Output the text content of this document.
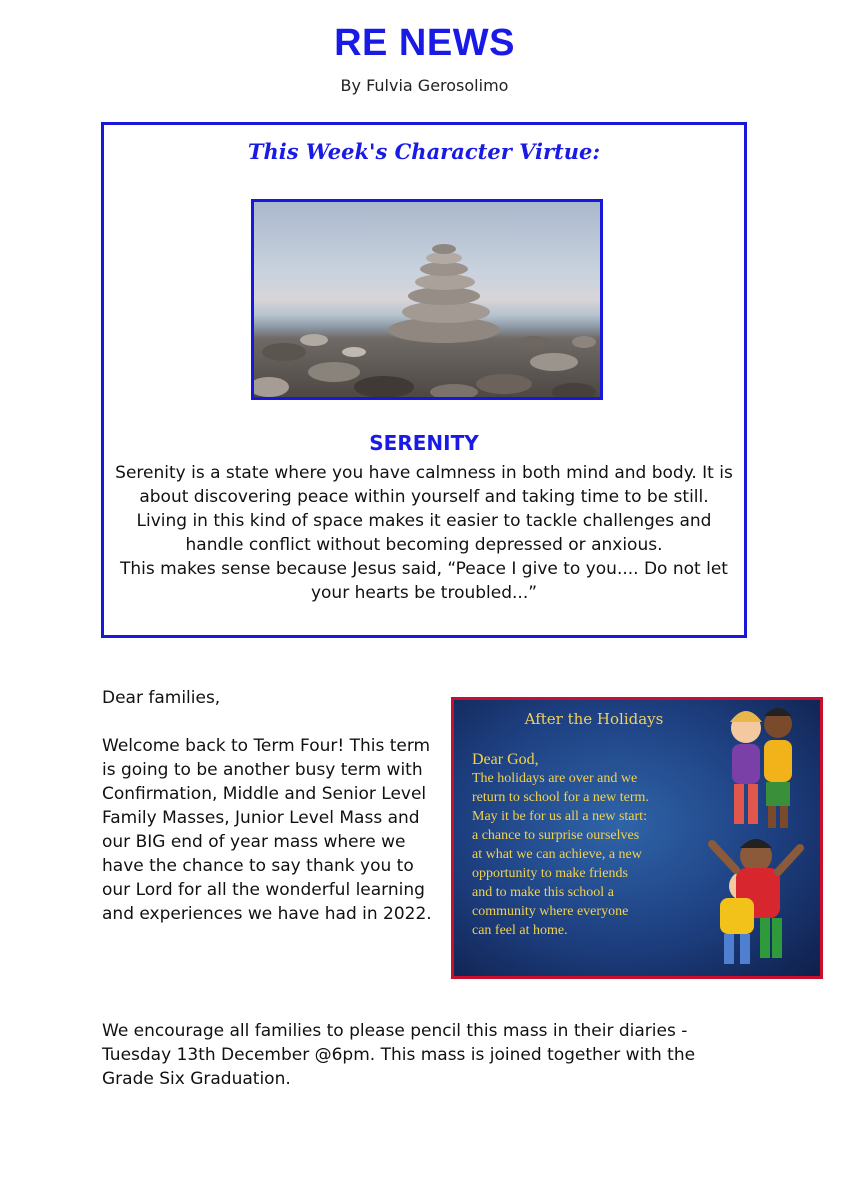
RE NEWS
By Fulvia Gerosolimo
This Week's Character Virtue:
SERENITY

Serenity is a state where you have calmness in both mind and body. It is about discovering peace within yourself and taking time to be still.

Living in this kind of space makes it easier to tackle challenges and handle conflict without becoming depressed or anxious.

This makes sense because Jesus said, “Peace I give to you.... Do not let your hearts be troubled...”

Dear families,

Welcome back to Term Four! This term is going to be another busy term with Confirmation, Middle and Senior Level Family Masses, Junior Level Mass and our BIG end of year mass where we have the chance to say thank you to our Lord for all the wonderful learning and experiences we have had in 2022.

After the Holidays
Dear God,
The holidays are over and we
return to school for a new term.
May it be for us all a new start:
a chance to surprise ourselves
at what we can achieve, a new
opportunity to make friends
and to make this school a
community where everyone
can feel at home.

We encourage all families to please pencil this mass in their diaries - Tuesday 13th December @6pm. This mass is joined together with the Grade Six Graduation.
